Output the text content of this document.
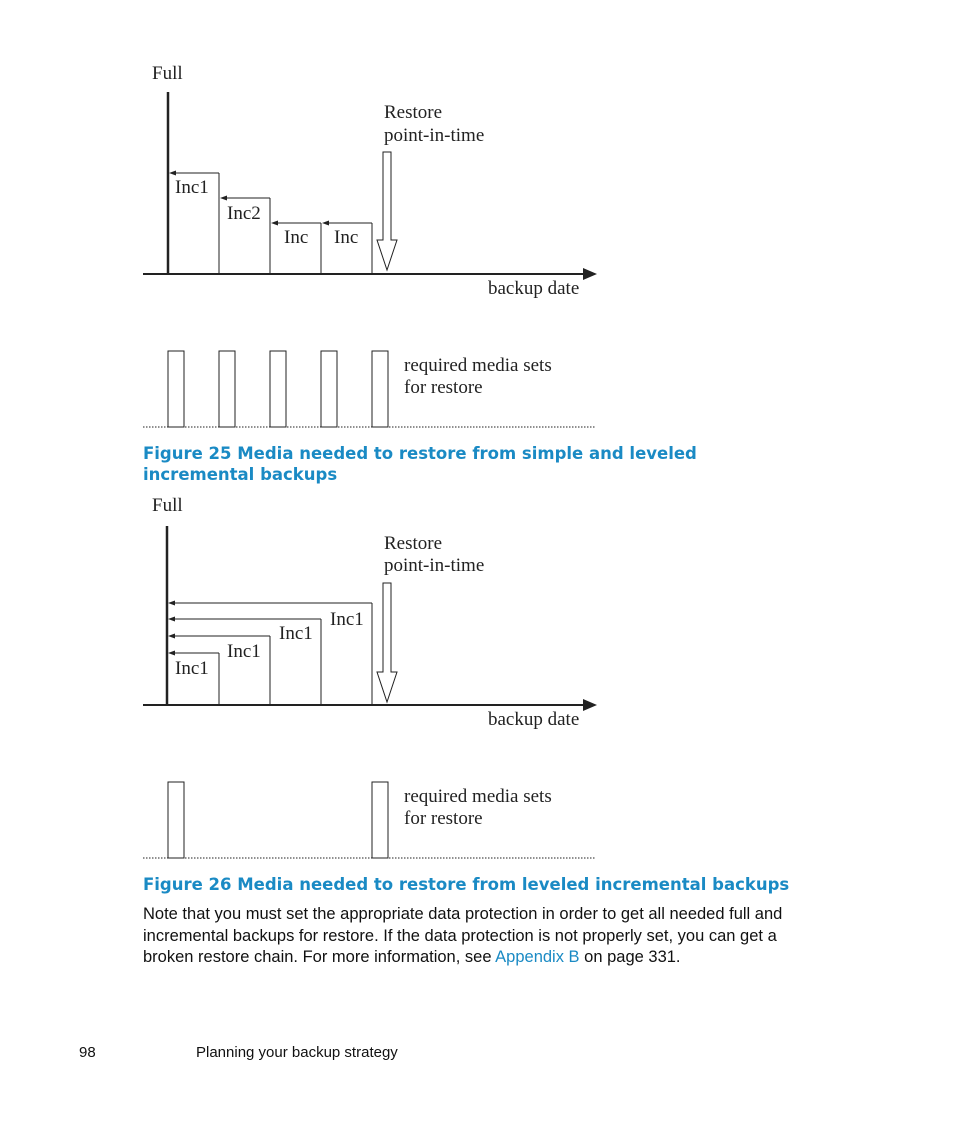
Full
Restore
point-in-time
Inc1
Inc2
Inc Inc
backup date
required media sets
for restore

Figure 25 Media needed to restore from simple and leveled incremental backups

Full
Restore
point-in-time
Inc1
Inc1
Inc1
Inc1
backup date
required media sets
for restore

Figure 26 Media needed to restore from leveled incremental backups

Note that you must set the appropriate data protection in order to get all needed full and incremental backups for restore. If the data protection is not properly set, you can get a broken restore chain. For more information, see Appendix B on page 331.

98	Planning your backup strategy
